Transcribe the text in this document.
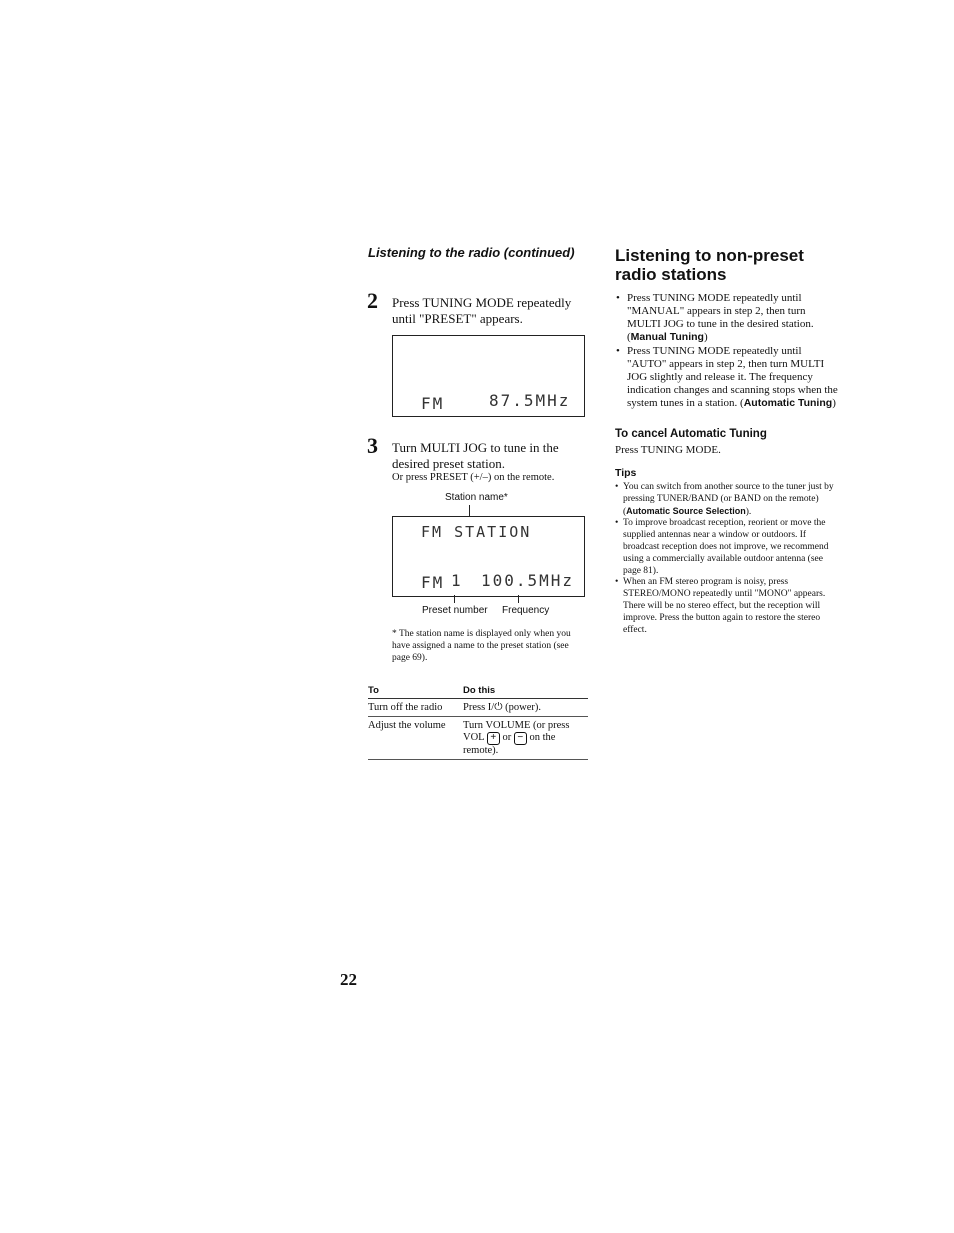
Listening to the radio (continued)
2 Press TUNING MODE repeatedly until "PRESET" appears.
FM	87.5MHz
3 Turn MULTI JOG to tune in the desired preset station.
Or press PRESET (+/–) on the remote.
Station name*
FM STATION
FM 1 100.5MHz
Preset number Frequency
* The station name is displayed only when you have assigned a name to the preset station (see page 69).
To	Do this
Turn off the radio	Press I/⏻ (power).
Adjust the volume	Turn VOLUME (or press VOL + or − on the remote).
Listening to non-preset radio stations
• Press TUNING MODE repeatedly until "MANUAL" appears in step 2, then turn MULTI JOG to tune in the desired station. (Manual Tuning)
• Press TUNING MODE repeatedly until "AUTO" appears in step 2, then turn MULTI JOG slightly and release it. The frequency indication changes and scanning stops when the system tunes in a station. (Automatic Tuning)
To cancel Automatic Tuning
Press TUNING MODE.
Tips
• You can switch from another source to the tuner just by pressing TUNER/BAND (or BAND on the remote) (Automatic Source Selection).
• To improve broadcast reception, reorient or move the supplied antennas near a window or outdoors. If broadcast reception does not improve, we recommend using a commercially available outdoor antenna (see page 81).
• When an FM stereo program is noisy, press STEREO/MONO repeatedly until "MONO" appears. There will be no stereo effect, but the reception will improve. Press the button again to restore the stereo effect.
22
